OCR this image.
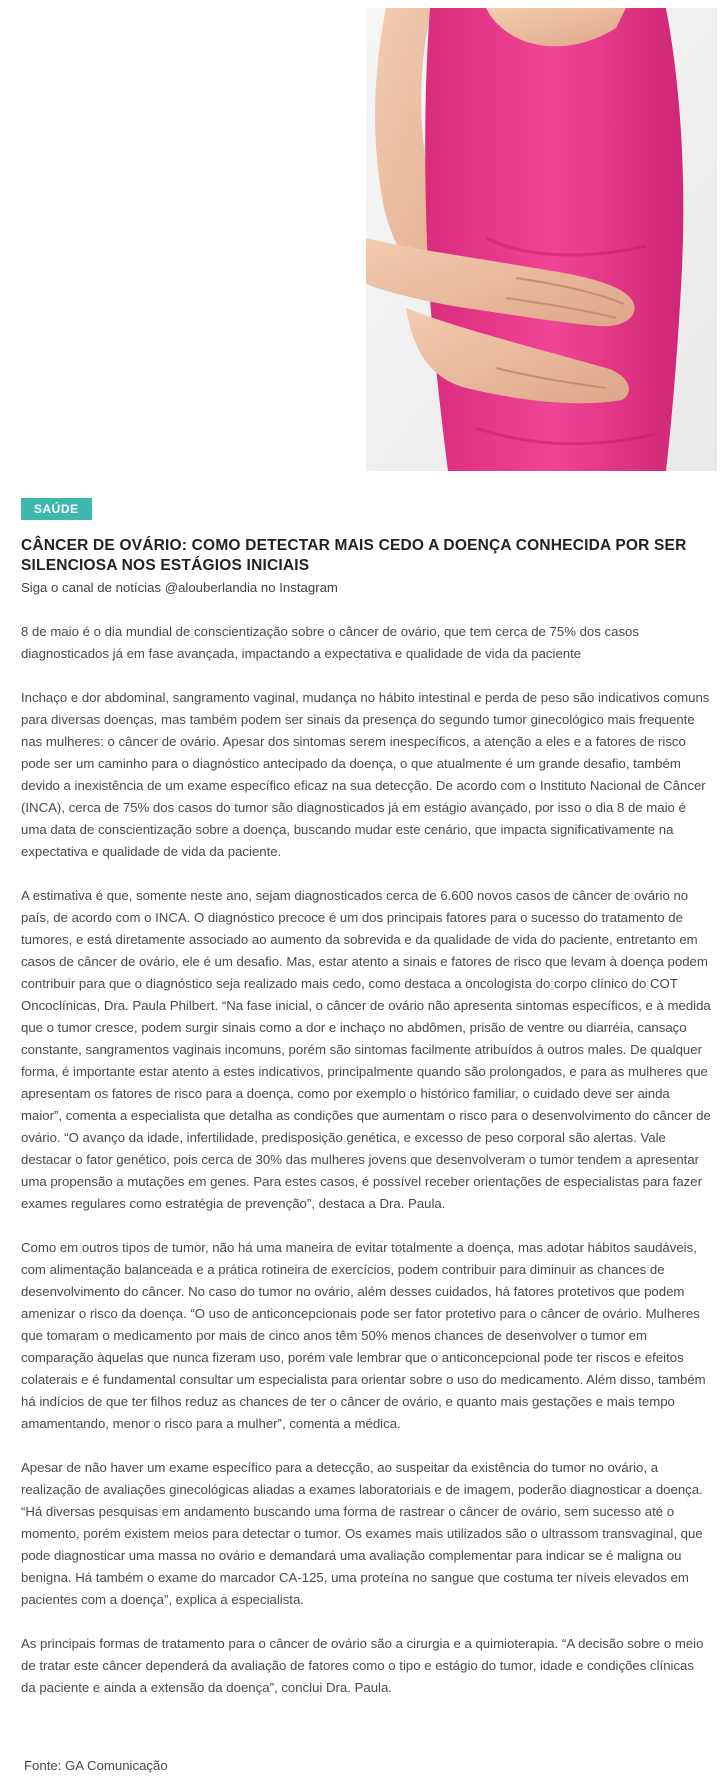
SAÚDE
CÂNCER DE OVÁRIO: COMO DETECTAR MAIS CEDO A DOENÇA CONHECIDA POR SER SILENCIOSA NOS ESTÁGIOS INICIAIS

Siga o canal de notícias @alouberlandia no Instagram

8 de maio é o dia mundial de conscientização sobre o câncer de ovário, que tem cerca de 75% dos casos diagnosticados já em fase avançada, impactando a expectativa e qualidade de vida da paciente

Inchaço e dor abdominal, sangramento vaginal, mudança no hábito intestinal e perda de peso são indicativos comuns para diversas doenças, mas também podem ser sinais da presença do segundo tumor ginecológico mais frequente nas mulheres: o câncer de ovário. Apesar dos sintomas serem inespecíficos, a atenção a eles e a fatores de risco pode ser um caminho para o diagnóstico antecipado da doença, o que atualmente é um grande desafio, também devido a inexistência de um exame específico eficaz na sua detecção. De acordo com o Instituto Nacional de Câncer (INCA), cerca de 75% dos casos do tumor são diagnosticados já em estágio avançado, por isso o dia 8 de maio é uma data de conscientização sobre a doença, buscando mudar este cenário, que impacta significativamente na expectativa e qualidade de vida da paciente.

A estimativa é que, somente neste ano, sejam diagnosticados cerca de 6.600 novos casos de câncer de ovário no país, de acordo com o INCA. O diagnóstico precoce é um dos principais fatores para o sucesso do tratamento de tumores, e está diretamente associado ao aumento da sobrevida e da qualidade de vida do paciente, entretanto em casos de câncer de ovário, ele é um desafio. Mas, estar atento a sinais e fatores de risco que levam à doença podem contribuir para que o diagnóstico seja realizado mais cedo, como destaca a oncologista do corpo clínico do COT Oncoclínicas, Dra. Paula Philbert. “Na fase inicial, o câncer de ovário não apresenta sintomas específicos, e à medida que o tumor cresce, podem surgir sinais como a dor e inchaço no abdômen, prisão de ventre ou diarréia, cansaço constante, sangramentos vaginais incomuns, porém são sintomas facilmente atribuídos à outros males. De qualquer forma, é importante estar atento a estes indicativos, principalmente quando são prolongados, e para as mulheres que apresentam os fatores de risco para a doença, como por exemplo o histórico familiar, o cuidado deve ser ainda maior”, comenta a especialista que detalha as condições que aumentam o risco para o desenvolvimento do câncer de ovário. “O avanço da idade, infertilidade, predisposição genética, e excesso de peso corporal são alertas. Vale destacar o fator genético, pois cerca de 30% das mulheres jovens que desenvolveram o tumor tendem a apresentar uma propensão a mutações em genes. Para estes casos, é possível receber orientações de especialistas para fazer exames regulares como estratégia de prevenção”, destaca a Dra. Paula.

Como em outros tipos de tumor, não há uma maneira de evitar totalmente a doença, mas adotar hábitos saudáveis, com alimentação balanceada e a prática rotineira de exercícios, podem contribuir para diminuir as chances de desenvolvimento do câncer. No caso do tumor no ovário, além desses cuidados, há fatores protetivos que podem amenizar o risco da doença. “O uso de anticoncepcionais pode ser fator protetivo para o câncer de ovário. Mulheres que tomaram o medicamento por mais de cinco anos têm 50% menos chances de desenvolver o tumor em comparação àquelas que nunca fizeram uso, porém vale lembrar que o anticoncepcional pode ter riscos e efeitos colaterais e é fundamental consultar um especialista para orientar sobre o uso do medicamento. Além disso, também há indícios de que ter filhos reduz as chances de ter o câncer de ovário, e quanto mais gestações e mais tempo amamentando, menor o risco para a mulher”, comenta a médica.

Apesar de não haver um exame específico para a detecção, ao suspeitar da existência do tumor no ovário, a realização de avaliações ginecológicas aliadas a exames laboratoriais e de imagem, poderão diagnosticar a doença. “Há diversas pesquisas em andamento buscando uma forma de rastrear o câncer de ovário, sem sucesso até o momento, porém existem meios para detectar o tumor. Os exames mais utilizados são o ultrassom transvaginal, que pode diagnosticar uma massa no ovário e demandará uma avaliação complementar para indicar se é maligna ou benigna. Há também o exame do marcador CA-125, uma proteína no sangue que costuma ter níveis elevados em pacientes com a doença”, explica a especialista.

As principais formas de tratamento para o câncer de ovário são a cirurgia e a quimioterapia. “A decisão sobre o meio de tratar este câncer dependerá da avaliação de fatores como o tipo e estágio do tumor, idade e condições clínicas da paciente e ainda a extensão da doença”, conclui Dra. Paula.

Fonte: GA Comunicação
